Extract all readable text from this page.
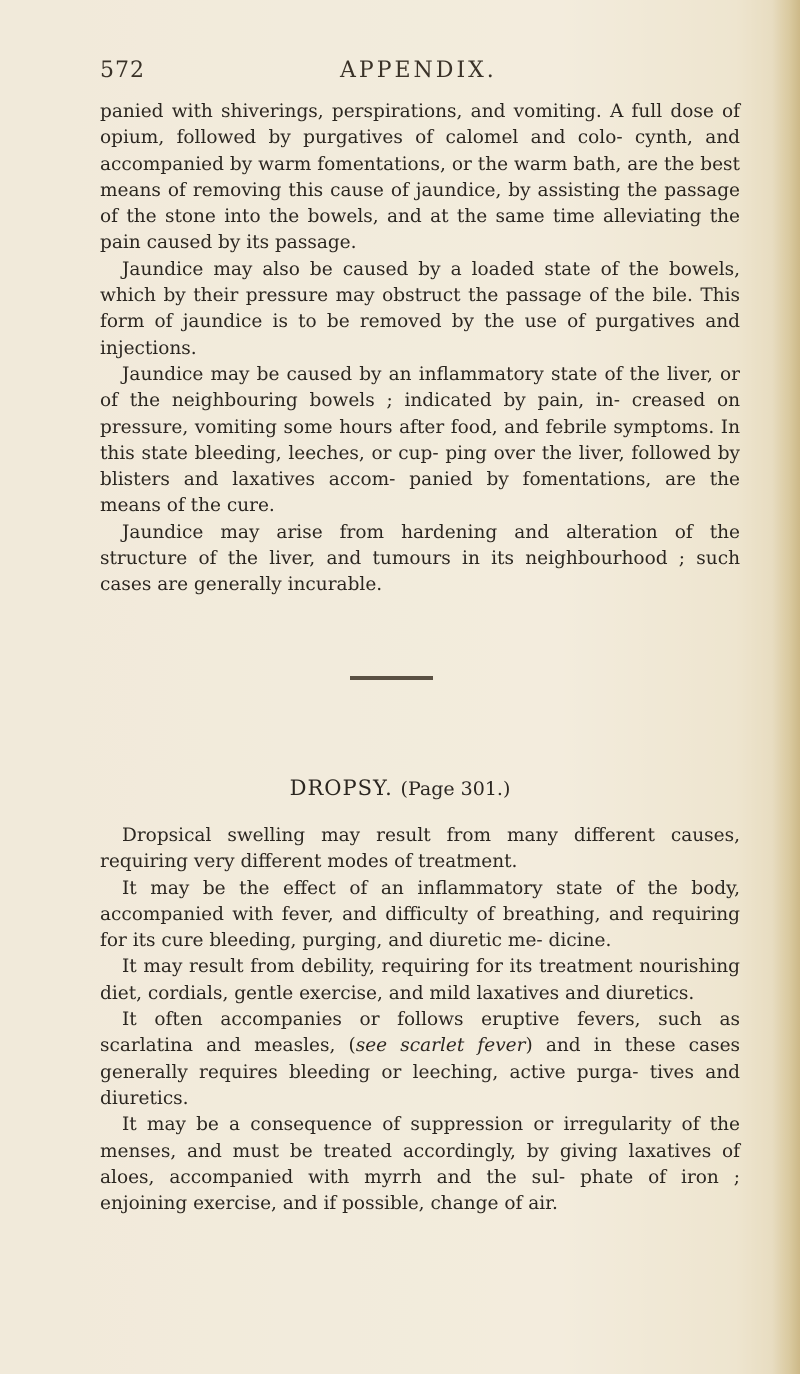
572	APPENDIX.

panied with shiverings, perspirations, and vomiting. A full dose of opium, followed by purgatives of calomel and colo- cynth, and accompanied by warm fomentations, or the warm bath, are the best means of removing this cause of jaundice, by assisting the passage of the stone into the bowels, and at the same time alleviating the pain caused by its passage.

Jaundice may also be caused by a loaded state of the bowels, which by their pressure may obstruct the passage of the bile. This form of jaundice is to be removed by the use of purgatives and injections.

Jaundice may be caused by an inflammatory state of the liver, or of the neighbouring bowels ; indicated by pain, in- creased on pressure, vomiting some hours after food, and febrile symptoms. In this state bleeding, leeches, or cup- ping over the liver, followed by blisters and laxatives accom- panied by fomentations, are the means of the cure.

Jaundice may arise from hardening and alteration of the structure of the liver, and tumours in its neighbourhood ; such cases are generally incurable.

DROPSY. (Page 301.)

Dropsical swelling may result from many different causes, requiring very different modes of treatment.

It may be the effect of an inflammatory state of the body, accompanied with fever, and difficulty of breathing, and requiring for its cure bleeding, purging, and diuretic me- dicine.

It may result from debility, requiring for its treatment nourishing diet, cordials, gentle exercise, and mild laxatives and diuretics.

It often accompanies or follows eruptive fevers, such as scarlatina and measles, (see scarlet fever) and in these cases generally requires bleeding or leeching, active purga- tives and diuretics.

It may be a consequence of suppression or irregularity of the menses, and must be treated accordingly, by giving laxatives of aloes, accompanied with myrrh and the sul- phate of iron ; enjoining exercise, and if possible, change of air.
